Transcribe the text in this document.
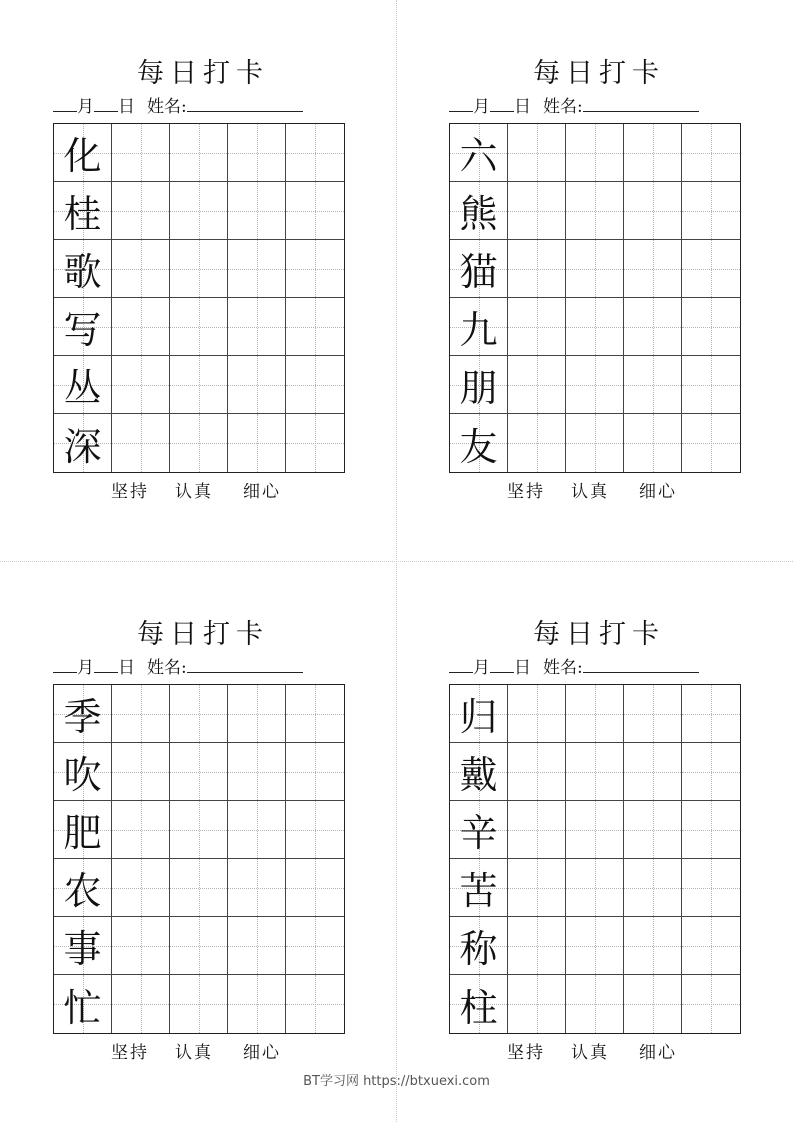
每日打卡
月 日 姓名:
化
桂
歌
写
丛
深
坚持 认真 细心
每日打卡
月 日 姓名:
六
熊
猫
九
朋
友
坚持 认真 细心
每日打卡
月 日 姓名:
季
吹
肥
农
事
忙
坚持 认真 细心
每日打卡
月 日 姓名:
归
戴
辛
苦
称
柱
坚持 认真 细心
BT学习网 https://btxuexi.com
